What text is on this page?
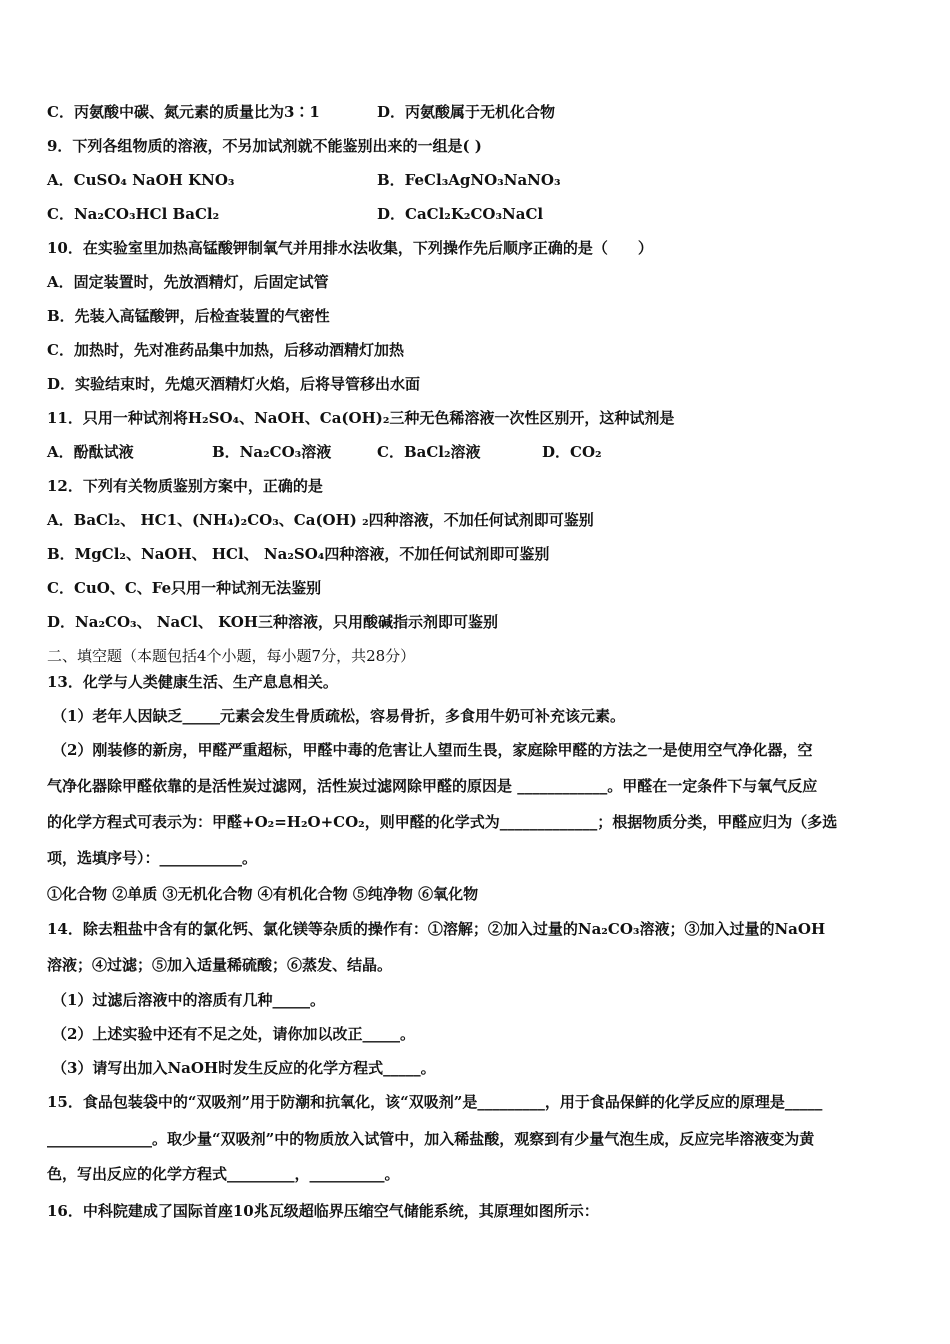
C．丙氨酸中碳、氮元素的质量比为3∶1	D．丙氨酸属于无机化合物
9．下列各组物质的溶液，不另加试剂就不能鉴别出来的一组是( )
A．CuSO₄ NaOH KNO₃	B．FeCl₃AgNO₃NaNO₃
C．Na₂CO₃HCl BaCl₂	D．CaCl₂K₂CO₃NaCl
10．在实验室里加热高锰酸钾制氧气并用排水法收集，下列操作先后顺序正确的是（　　）
A．固定装置时，先放酒精灯，后固定试管
B．先装入高锰酸钾，后检查装置的气密性
C．加热时，先对准药品集中加热，后移动酒精灯加热
D．实验结束时，先熄灭酒精灯火焰，后将导管移出水面
11．只用一种试剂将H₂SO₄、NaOH、Ca(OH)₂三种无色稀溶液一次性区别开，这种试剂是
A．酚酞试液	B．Na₂CO₃溶液	C．BaCl₂溶液	D．CO₂
12．下列有关物质鉴别方案中，正确的是
A．BaCl₂、 HC1、(NH₄)₂CO₃、Ca(OH) ₂四种溶液，不加任何试剂即可鉴别
B．MgCl₂、NaOH、 HCl、 Na₂SO₄四种溶液，不加任何试剂即可鉴别
C．CuO、C、Fe只用一种试剂无法鉴别
D．Na₂CO₃、 NaCl、 KOH三种溶液，只用酸碱指示剂即可鉴别
二、填空题（本题包括4个小题，每小题7分，共28分）
13．化学与人类健康生活、生产息息相关。
（1）老年人因缺乏_____元素会发生骨质疏松，容易骨折，多食用牛奶可补充该元素。
（2）刚装修的新房，甲醛严重超标，甲醛中毒的危害让人望而生畏，家庭除甲醛的方法之一是使用空气净化器，空
气净化器除甲醛依靠的是活性炭过滤网，活性炭过滤网除甲醛的原因是 ____________。甲醛在一定条件下与氧气反应
的化学方程式可表示为：甲醛+O₂=H₂O+CO₂，则甲醛的化学式为_____________；根据物质分类，甲醛应归为（多选
项，选填序号）：___________。
①化合物 ②单质 ③无机化合物 ④有机化合物 ⑤纯净物 ⑥氧化物
14．除去粗盐中含有的氯化钙、氯化镁等杂质的操作有：①溶解；②加入过量的Na₂CO₃溶液；③加入过量的NaOH
溶液；④过滤；⑤加入适量稀硫酸；⑥蒸发、结晶。
（1）过滤后溶液中的溶质有几种_____。
（2）上述实验中还有不足之处，请你加以改正_____。
（3）请写出加入NaOH时发生反应的化学方程式_____。
15．食品包装袋中的“双吸剂”用于防潮和抗氧化，该“双吸剂”是_________，用于食品保鲜的化学反应的原理是_____
______________。取少量“双吸剂”中的物质放入试管中，加入稀盐酸，观察到有少量气泡生成，反应完毕溶液变为黄
色，写出反应的化学方程式_________，__________。
16．中科院建成了国际首座10兆瓦级超临界压缩空气储能系统，其原理如图所示：
